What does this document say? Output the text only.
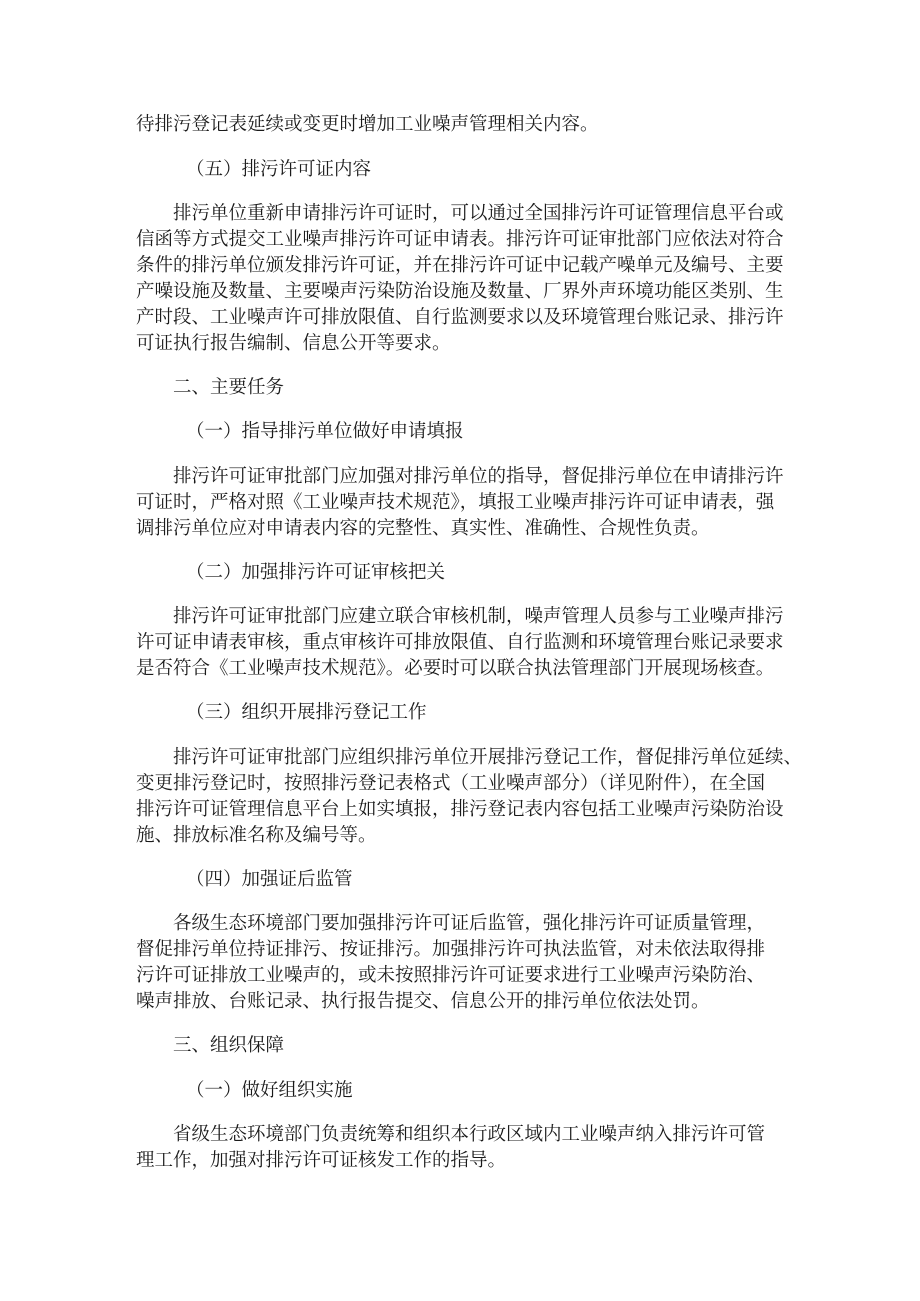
待排污登记表延续或变更时增加工业噪声管理相关内容。
（五）排污许可证内容
排污单位重新申请排污许可证时，可以通过全国排污许可证管理信息平台或
信函等方式提交工业噪声排污许可证申请表。排污许可证审批部门应依法对符合
条件的排污单位颁发排污许可证，并在排污许可证中记载产噪单元及编号、主要
产噪设施及数量、主要噪声污染防治设施及数量、厂界外声环境功能区类别、生
产时段、工业噪声许可排放限值、自行监测要求以及环境管理台账记录、排污许
可证执行报告编制、信息公开等要求。
二、主要任务
（一）指导排污单位做好申请填报
排污许可证审批部门应加强对排污单位的指导，督促排污单位在申请排污许
可证时，严格对照《工业噪声技术规范》，填报工业噪声排污许可证申请表，强
调排污单位应对申请表内容的完整性、真实性、准确性、合规性负责。
（二）加强排污许可证审核把关
排污许可证审批部门应建立联合审核机制，噪声管理人员参与工业噪声排污
许可证申请表审核，重点审核许可排放限值、自行监测和环境管理台账记录要求
是否符合《工业噪声技术规范》。必要时可以联合执法管理部门开展现场核查。
（三）组织开展排污登记工作
排污许可证审批部门应组织排污单位开展排污登记工作，督促排污单位延续、
变更排污登记时，按照排污登记表格式（工业噪声部分）（详见附件），在全国
排污许可证管理信息平台上如实填报，排污登记表内容包括工业噪声污染防治设
施、排放标准名称及编号等。
（四）加强证后监管
各级生态环境部门要加强排污许可证后监管，强化排污许可证质量管理，
督促排污单位持证排污、按证排污。加强排污许可执法监管，对未依法取得排
污许可证排放工业噪声的，或未按照排污许可证要求进行工业噪声污染防治、
噪声排放、台账记录、执行报告提交、信息公开的排污单位依法处罚。
三、组织保障
（一）做好组织实施
省级生态环境部门负责统筹和组织本行政区域内工业噪声纳入排污许可管
理工作，加强对排污许可证核发工作的指导。
